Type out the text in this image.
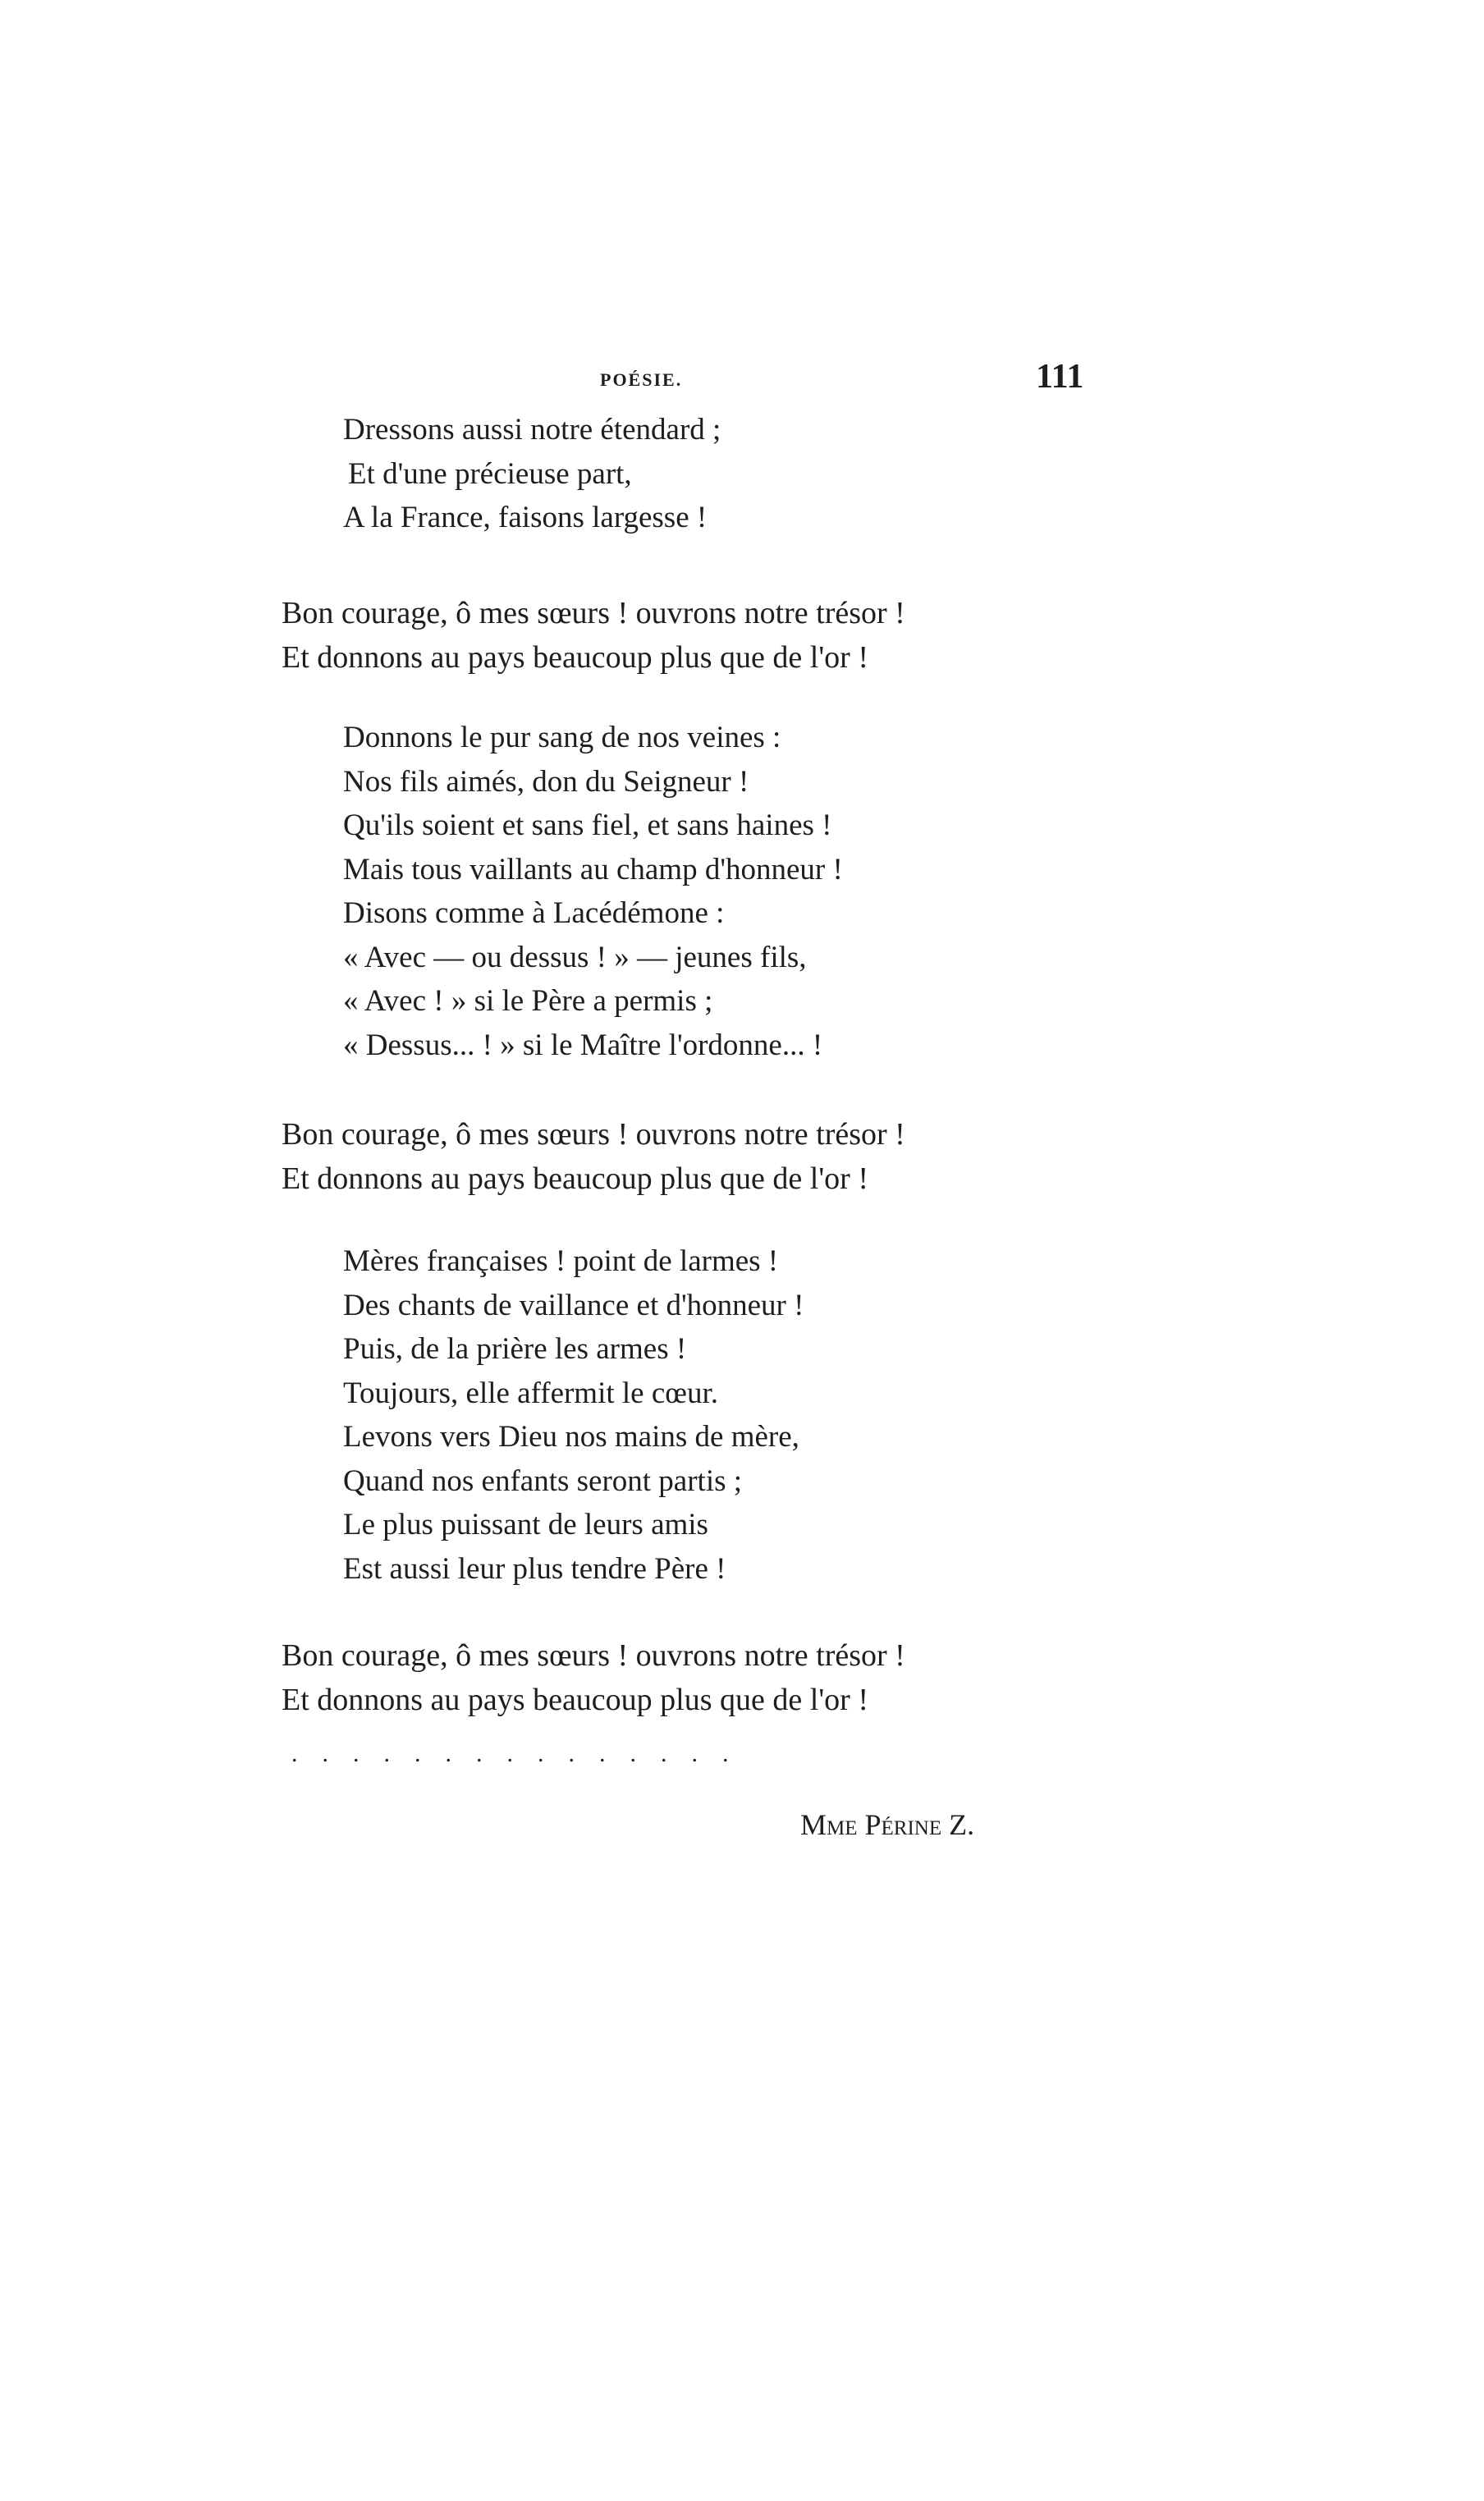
POÉSIE.	111
Dressons aussi notre étendard ;
Et d'une précieuse part,
A la France, faisons largesse !
Bon courage, ô mes sœurs ! ouvrons notre trésor !
Et donnons au pays beaucoup plus que de l'or !
Donnons le pur sang de nos veines :
Nos fils aimés, don du Seigneur !
Qu'ils soient et sans fiel, et sans haines !
Mais tous vaillants au champ d'honneur !
Disons comme à Lacédémone :
« Avec — ou dessus ! » — jeunes fils,
« Avec ! » si le Père a permis ;
« Dessus... ! » si le Maître l'ordonne... !
Bon courage, ô mes sœurs ! ouvrons notre trésor !
Et donnons au pays beaucoup plus que de l'or !
Mères françaises ! point de larmes !
Des chants de vaillance et d'honneur !
Puis, de la prière les armes !
Toujours, elle affermit le cœur.
Levons vers Dieu nos mains de mère,
Quand nos enfants seront partis ;
Le plus puissant de leurs amis
Est aussi leur plus tendre Père !
Bon courage, ô mes sœurs ! ouvrons notre trésor !
Et donnons au pays beaucoup plus que de l'or !
...............
Mme Périne Z.
